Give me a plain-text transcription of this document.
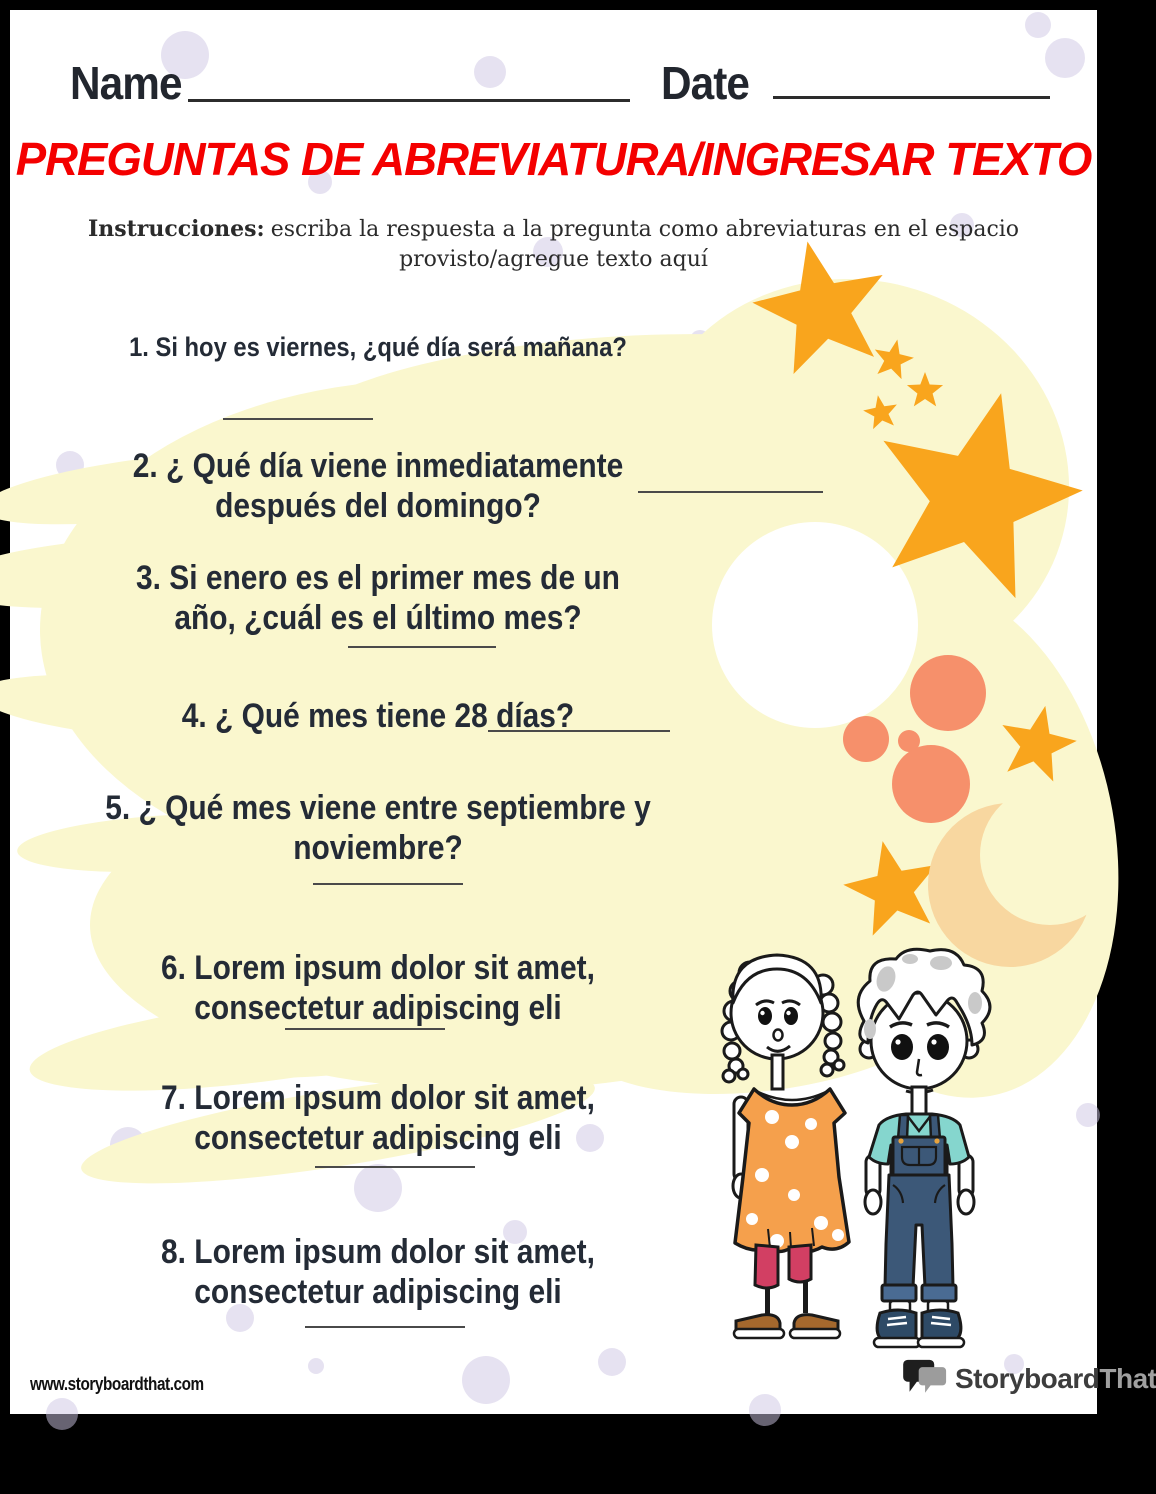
Name	Date
PREGUNTAS DE ABREVIATURA/INGRESAR TEXTO
Instrucciones: escriba la respuesta a la pregunta como abreviaturas en el espacio
provisto/agregue texto aquí
1. Si hoy es viernes, ¿qué día será mañana?
2. ¿ Qué día viene inmediatamente
después del domingo?
3. Si enero es el primer mes de un
año, ¿cuál es el último mes?
4. ¿ Qué mes tiene 28 días?
5. ¿ Qué mes viene entre septiembre y
noviembre?
6. Lorem ipsum dolor sit amet,
consectetur adipiscing eli
7. Lorem ipsum dolor sit amet,
consectetur adipiscing eli
8. Lorem ipsum dolor sit amet,
consectetur adipiscing eli
www.storyboardthat.com	StoryboardThat
